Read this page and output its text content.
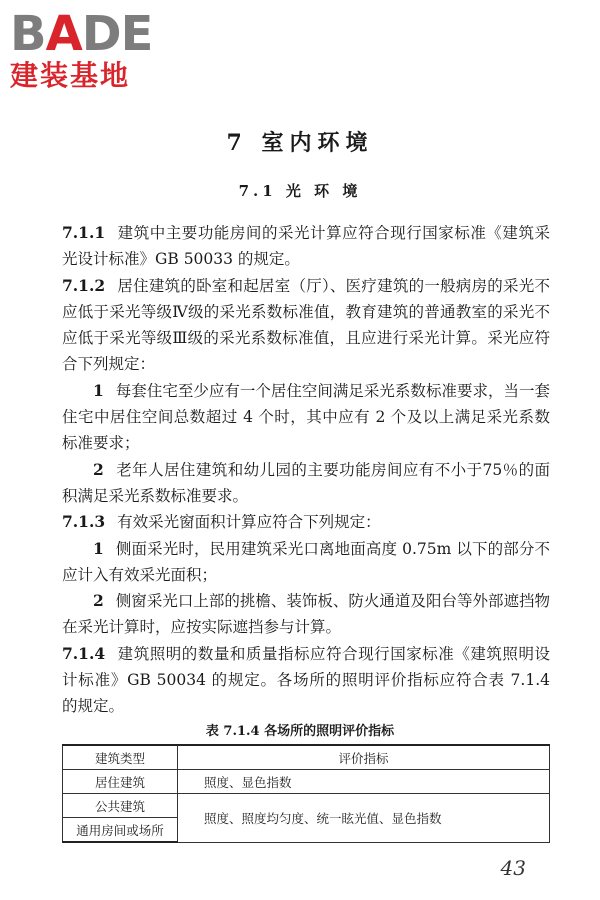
BADE
建装基地
7 室内环境
7.1 光 环 境

7.1.1 建筑中主要功能房间的采光计算应符合现行国家标准《建筑采光设计标准》GB 50033 的规定。

7.1.2 居住建筑的卧室和起居室（厅）、医疗建筑的一般病房的采光不应低于采光等级Ⅳ级的采光系数标准值，教育建筑的普通教室的采光不应低于采光等级Ⅲ级的采光系数标准值，且应进行采光计算。采光应符合下列规定：

1 每套住宅至少应有一个居住空间满足采光系数标准要求，当一套住宅中居住空间总数超过 4 个时，其中应有 2 个及以上满足采光系数标准要求；

2 老年人居住建筑和幼儿园的主要功能房间应有不小于75％的面积满足采光系数标准要求。

7.1.3 有效采光窗面积计算应符合下列规定：

1 侧面采光时，民用建筑采光口离地面高度 0.75m 以下的部分不应计入有效采光面积；

2 侧窗采光口上部的挑檐、装饰板、防火通道及阳台等外部遮挡物在采光计算时，应按实际遮挡参与计算。

7.1.4 建筑照明的数量和质量指标应符合现行国家标准《建筑照明设计标准》GB 50034 的规定。各场所的照明评价指标应符合表 7.1.4 的规定。

表 7.1.4 各场所的照明评价指标
建筑类型	评价指标
居住建筑	照度、显色指数
公共建筑	照度、照度均匀度、统一眩光值、显色指数
通用房间或场所	
43
